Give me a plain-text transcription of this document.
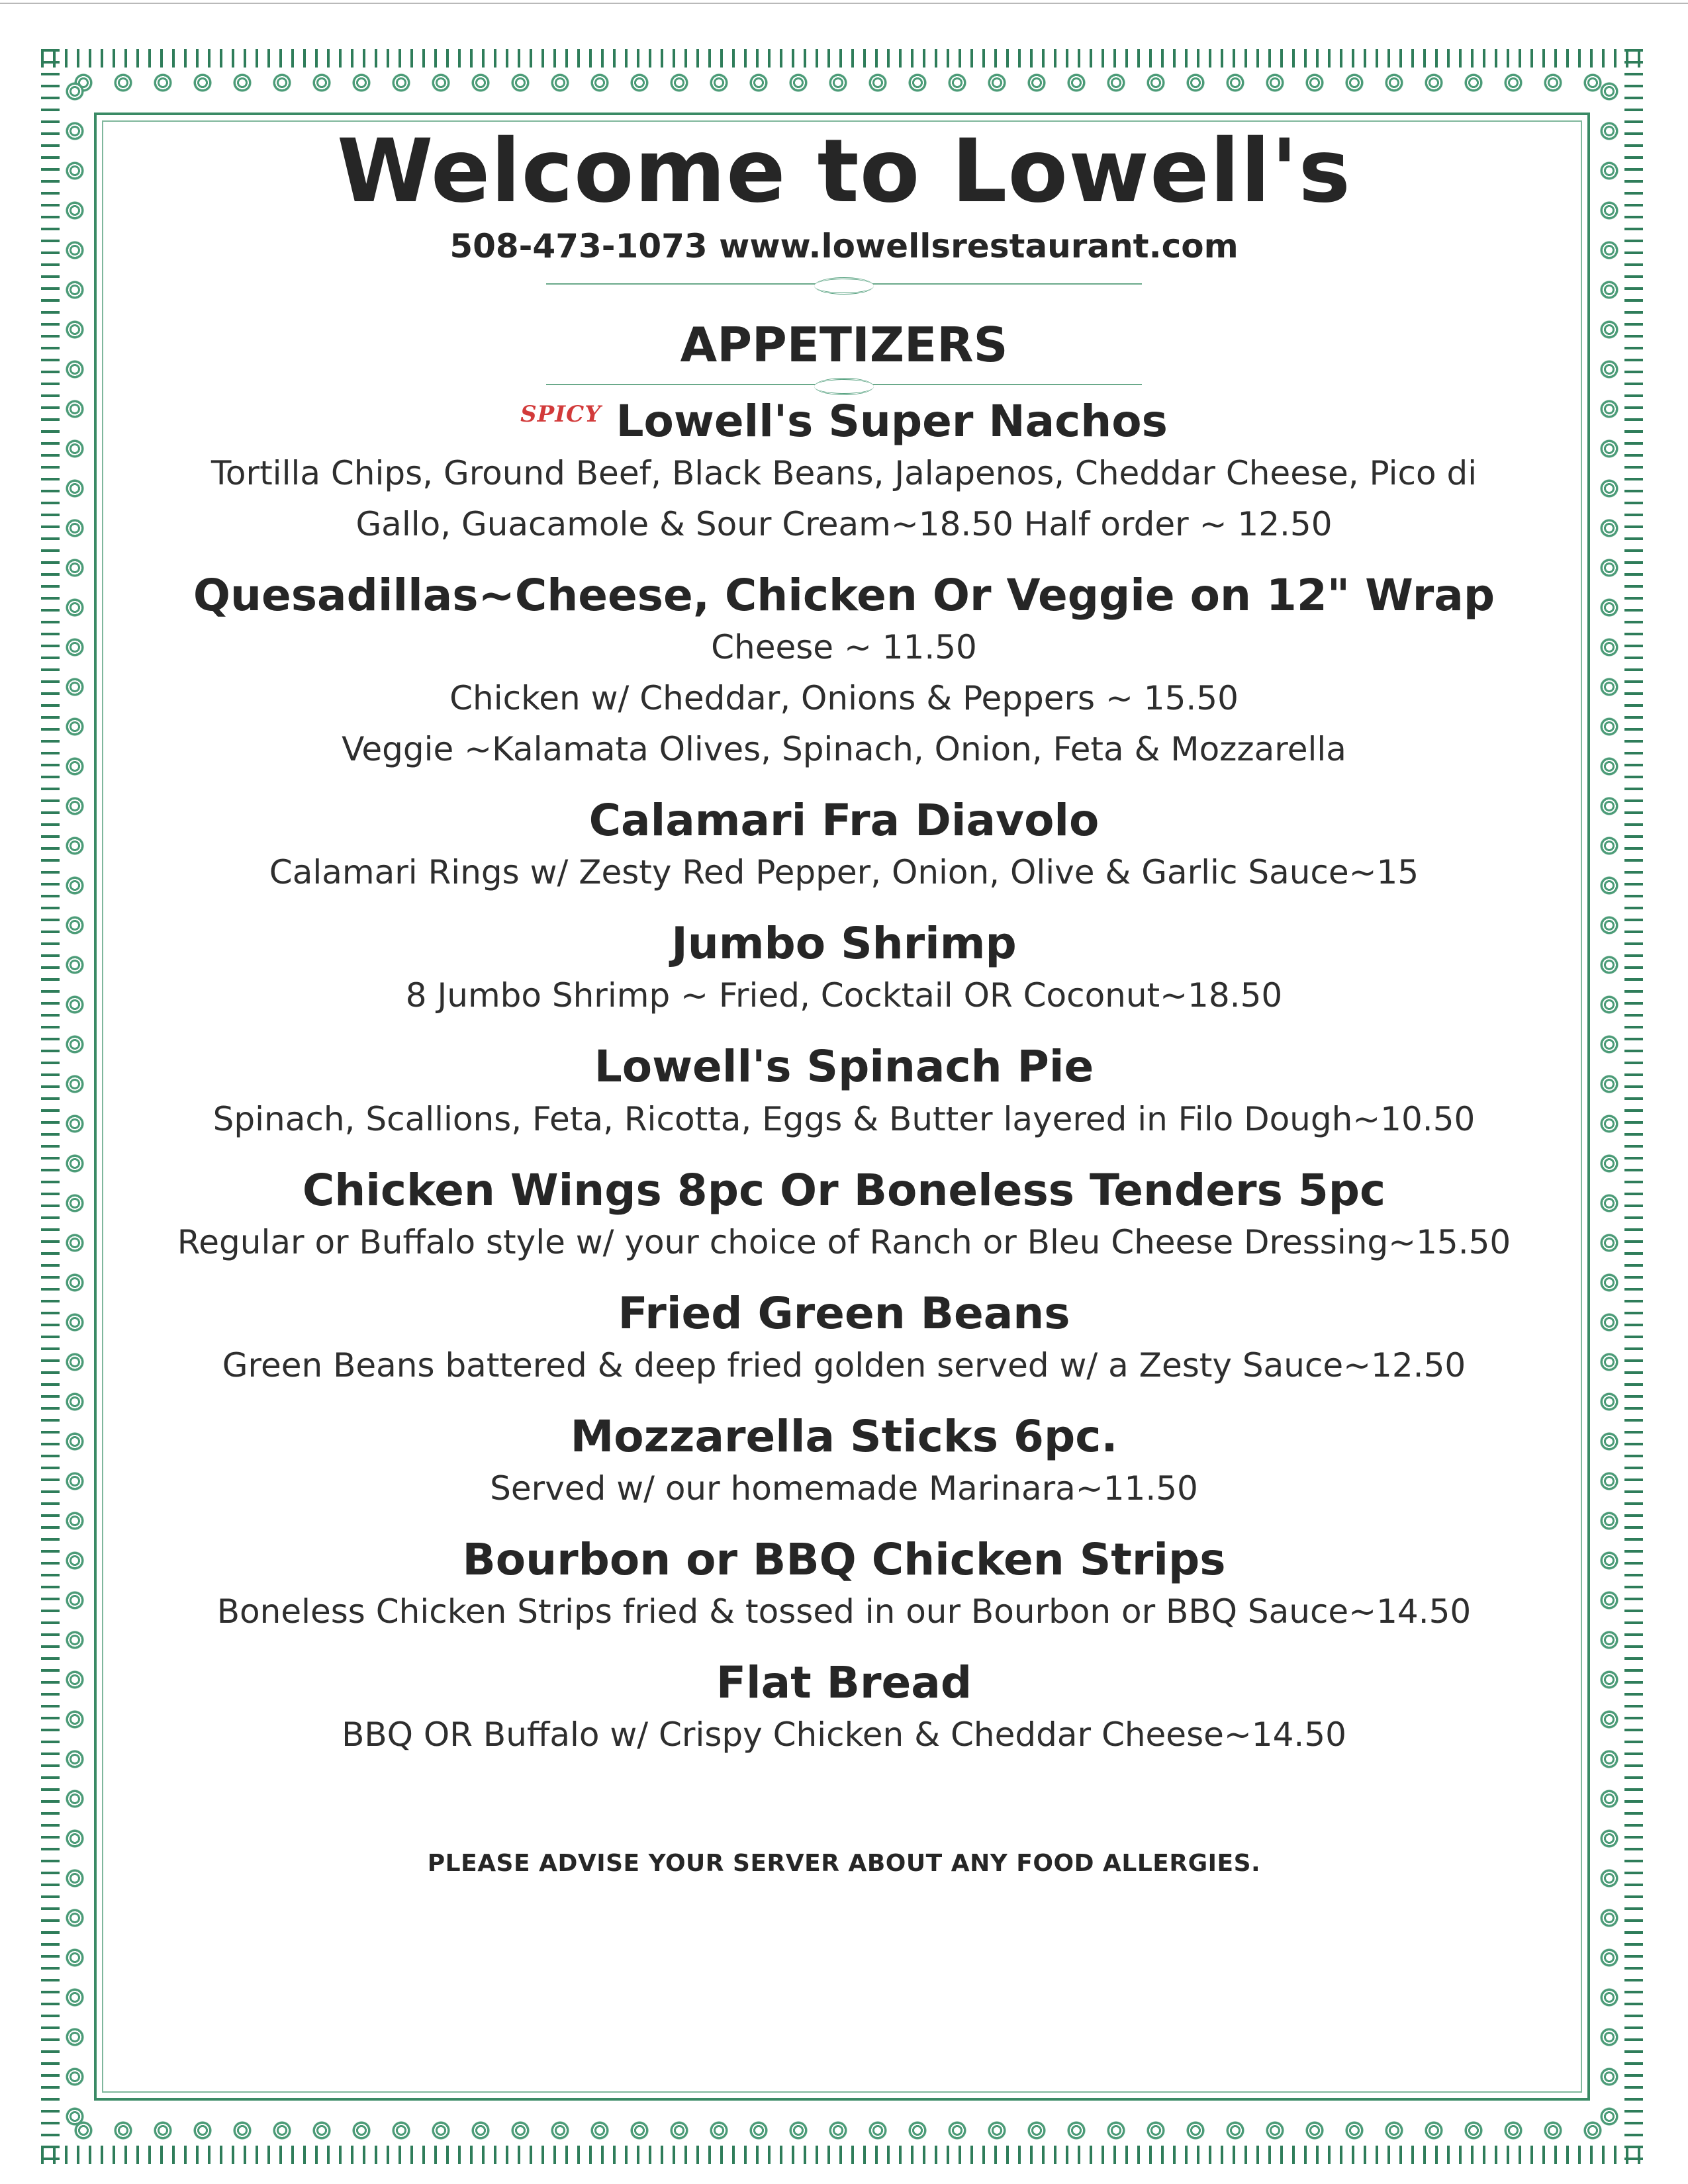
Welcome to Lowell's
508-473-1073 www.lowellsrestaurant.com
APPETIZERS
$^{SPICY}$ Lowell's Super Nachos
Tortilla Chips, Ground Beef, Black Beans, Jalapenos, Cheddar Cheese, Pico di
Gallo, Guacamole & Sour Cream~18.50 Half order ~ 12.50
Quesadillas~Cheese, Chicken Or Veggie on 12" Wrap
Cheese ~ 11.50
Chicken w/ Cheddar, Onions & Peppers ~ 15.50
Veggie ~Kalamata Olives, Spinach, Onion, Feta & Mozzarella
Calamari Fra Diavolo
Calamari Rings w/ Zesty Red Pepper, Onion, Olive & Garlic Sauce~15
Jumbo Shrimp
8 Jumbo Shrimp ~ Fried, Cocktail OR Coconut~18.50
Lowell's Spinach Pie
Spinach, Scallions, Feta, Ricotta, Eggs & Butter layered in Filo Dough~10.50
Chicken Wings 8pc Or Boneless Tenders 5pc
Regular or Buffalo style w/ your choice of Ranch or Bleu Cheese Dressing~15.50
Fried Green Beans
Green Beans battered & deep fried golden served w/ a Zesty Sauce~12.50
Mozzarella Sticks 6pc.
Served w/ our homemade Marinara~11.50
Bourbon or BBQ Chicken Strips
Boneless Chicken Strips fried & tossed in our Bourbon or BBQ Sauce~14.50
Flat Bread
BBQ OR Buffalo w/ Crispy Chicken & Cheddar Cheese~14.50
PLEASE ADVISE YOUR SERVER ABOUT ANY FOOD ALLERGIES.
